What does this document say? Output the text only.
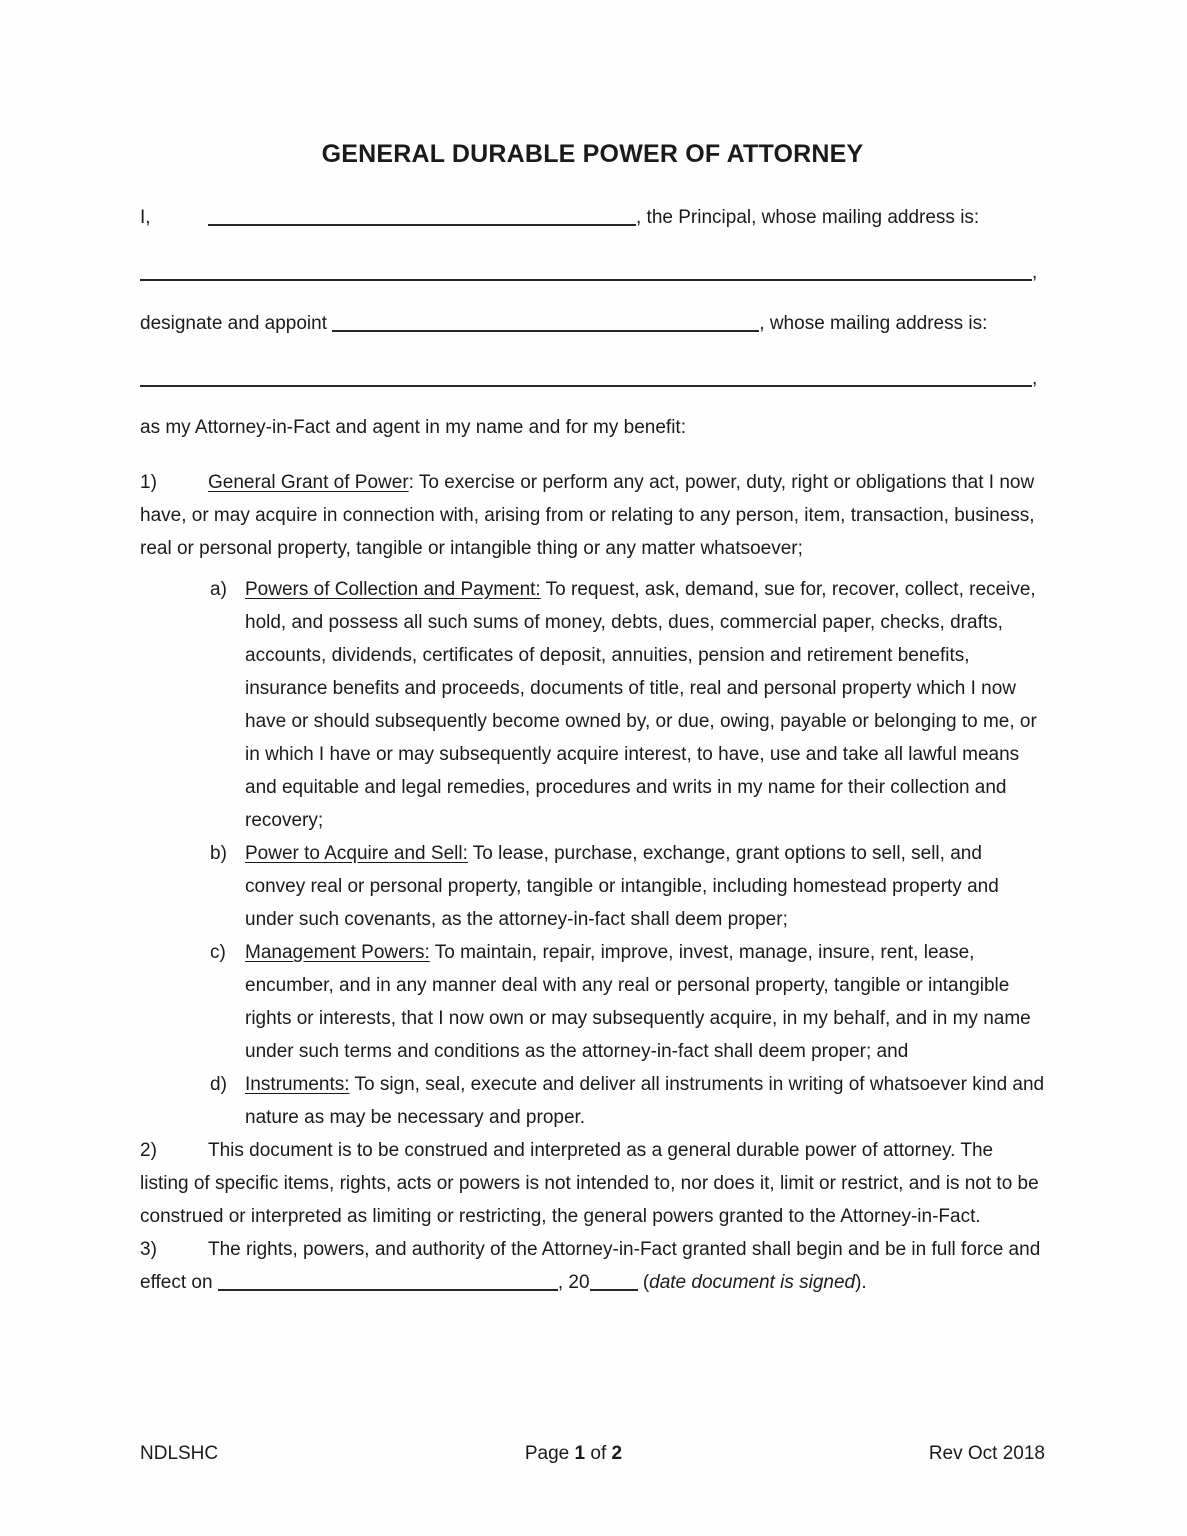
GENERAL DURABLE POWER OF ATTORNEY

I,	, the Principal, whose mailing address is:

,

designate and appoint	, whose mailing address is:

,

as my Attorney-in-Fact and agent in my name and for my benefit:

1)	General Grant of Power: To exercise or perform any act, power, duty, right or obligations that I now have, or may acquire in connection with, arising from or relating to any person, item, transaction, business, real or personal property, tangible or intangible thing or any matter whatsoever;

a) Powers of Collection and Payment: To request, ask, demand, sue for, recover, collect, receive, hold, and possess all such sums of money, debts, dues, commercial paper, checks, drafts, accounts, dividends, certificates of deposit, annuities, pension and retirement benefits, insurance benefits and proceeds, documents of title, real and personal property which I now have or should subsequently become owned by, or due, owing, payable or belonging to me, or in which I have or may subsequently acquire interest, to have, use and take all lawful means and equitable and legal remedies, procedures and writs in my name for their collection and recovery;
b) Power to Acquire and Sell: To lease, purchase, exchange, grant options to sell, sell, and convey real or personal property, tangible or intangible, including homestead property and under such covenants, as the attorney-in-fact shall deem proper;
c) Management Powers: To maintain, repair, improve, invest, manage, insure, rent, lease, encumber, and in any manner deal with any real or personal property, tangible or intangible rights or interests, that I now own or may subsequently acquire, in my behalf, and in my name under such terms and conditions as the attorney-in-fact shall deem proper; and
d) Instruments: To sign, seal, execute and deliver all instruments in writing of whatsoever kind and nature as may be necessary and proper.

2)	This document is to be construed and interpreted as a general durable power of attorney. The listing of specific items, rights, acts or powers is not intended to, nor does it, limit or restrict, and is not to be construed or interpreted as limiting or restricting, the general powers granted to the Attorney-in-Fact.

3)	The rights, powers, and authority of the Attorney-in-Fact granted shall begin and be in full force and effect on	, 20	(date document is signed).

NDLSHC	Page 1 of 2	Rev Oct 2018
